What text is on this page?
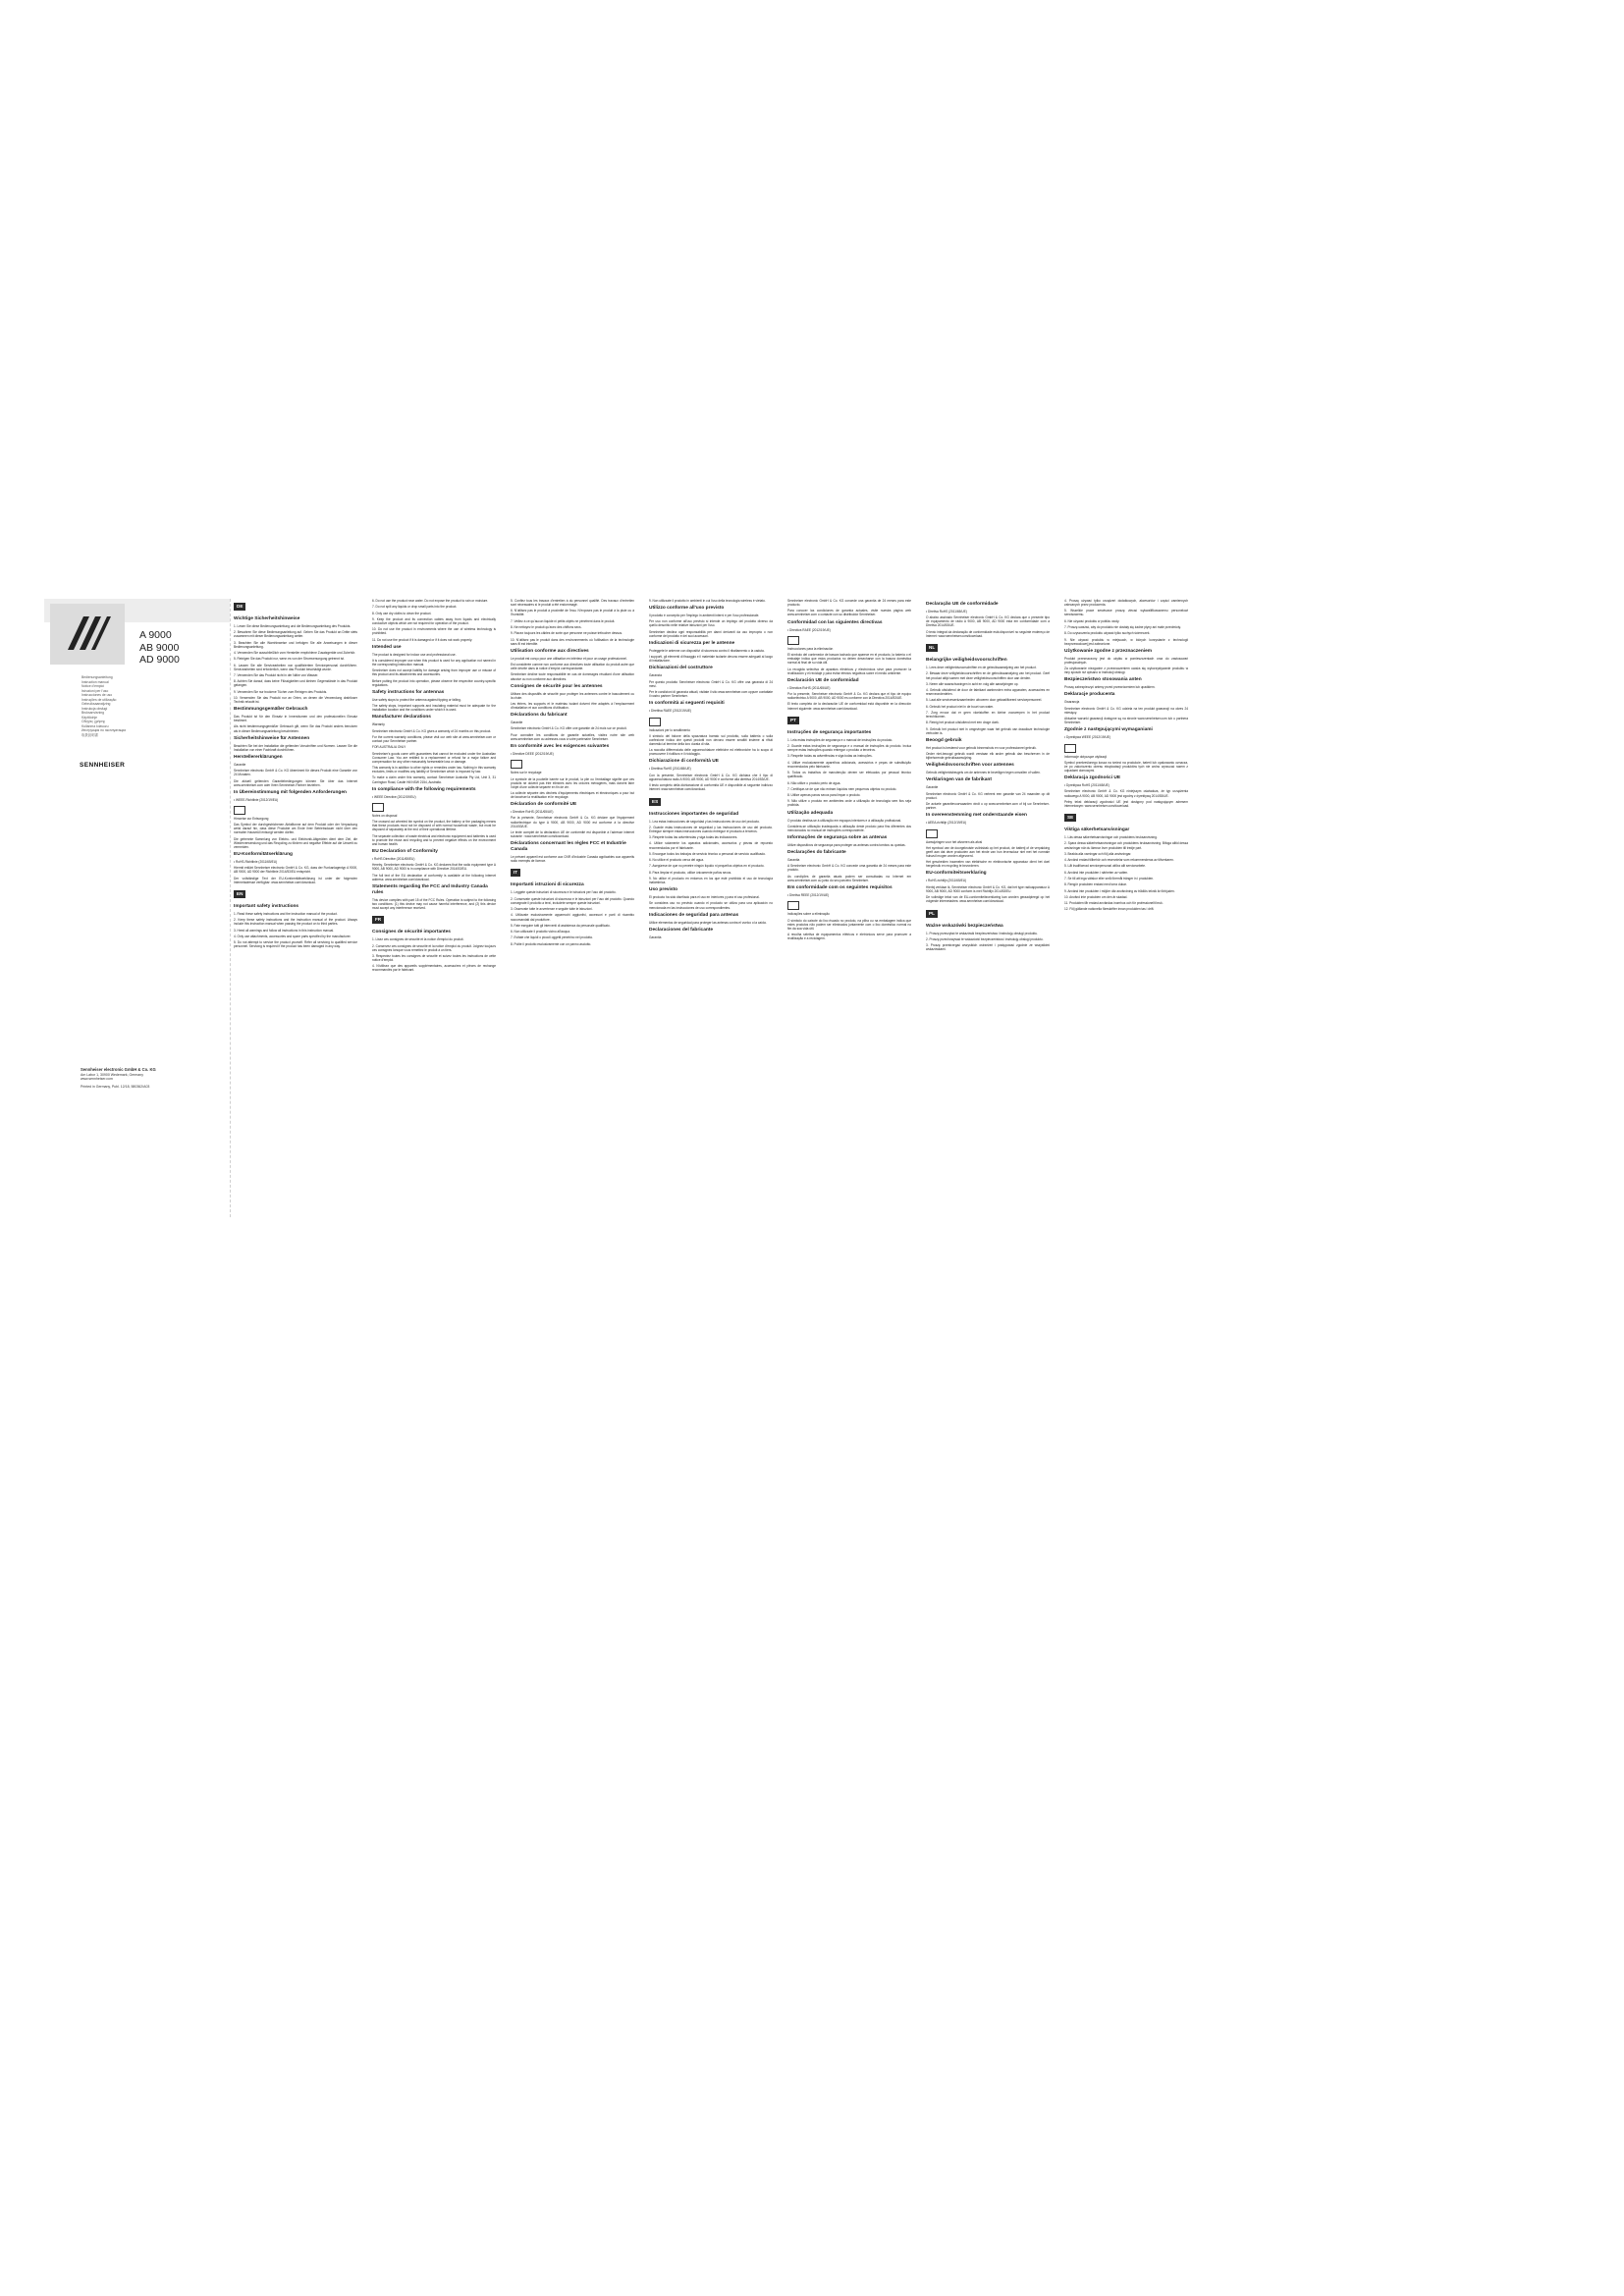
A 9000
AB 9000
AD 9000
Bedienungsanleitung
Instruction manual
Notice d'emploi
Istruzioni per l'uso
Instrucciones de uso
Instruções de utilização
Gebruiksaanwijzing
Instrukcja obsługi
Bruksanvisning
Käyttöohje
Οδηγίες χρήσης
Kullanma kılavuzu
Инструкция по эксплуатации
取扱説明書
SENNHEISER
Sennheiser electronic GmbH & Co. KG
Am Labor 1, 30900 Wedemark, Germany
www.sennheiser.com
Printed in Germany, Publ. 12/18, 580362/A03
DE
Wichtige Sicherheitshinweise

1. Lesen Sie diese Bedienungsanleitung und die Bedienungsanleitung des Produkts.

2. Bewahren Sie diese Bedienungsanleitung auf. Geben Sie das Produkt an Dritte stets zusammen mit dieser Bedienungsanleitung weiter.

3. Beachten Sie alle Warnhinweise und befolgen Sie alle Anweisungen in dieser Bedienungsanleitung.

4. Verwenden Sie ausschließlich vom Hersteller empfohlene Zusatzgeräte und Zubehör.

5. Reinigen Sie das Produkt nur, wenn es von der Stromversorgung getrennt ist.

6. Lassen Sie alle Servicearbeiten von qualifiziertem Servicepersonal durchführen. Servicearbeiten sind erforderlich, wenn das Produkt beschädigt wurde.

7. Verwenden Sie das Produkt nicht in der Nähe von Wasser.

8. Achten Sie darauf, dass keine Flüssigkeiten und kleinen Gegenstände in das Produkt gelangen.

9. Verwenden Sie nur trockene Tücher zum Reinigen des Produkts.

10. Verwenden Sie das Produkt nur an Orten, an denen die Verwendung drahtloser Technik erlaubt ist.

Bestimmungsgemäßer Gebrauch

Das Produkt ist für den Einsatz in Innenräumen und den professionellen Einsatz bestimmt.

Als nicht bestimmungsgemäßer Gebrauch gilt, wenn Sie das Produkt anders benutzen als in dieser Bedienungsanleitung beschrieben.

Sicherheitshinweise für Antennen

Beachten Sie bei der Installation die geltenden Vorschriften und Normen. Lassen Sie die Installation von einer Fachkraft durchführen.

Herstellererklärungen

Garantie

Sennheiser electronic GmbH & Co. KG übernimmt für dieses Produkt eine Garantie von 24 Monaten.

Die aktuell geltenden Garantiebedingungen können Sie über das Internet www.sennheiser.com oder Ihren Sennheiser-Partner beziehen.

In Übereinstimmung mit folgenden Anforderungen

• WEEE-Richtlinie (2012/19/EU)

Hinweise zur Entsorgung

Das Symbol der durchgestrichenen Abfalltonne auf dem Produkt oder der Verpackung weist darauf hin, dass diese Produkte am Ende ihrer Betriebsdauer nicht über den normalen Hausmüll entsorgt werden dürfen.

Die getrennte Sammlung von Elektro- und Elektronik-Altgeräten dient dem Ziel, die Wiederverwendung und das Recycling zu fördern und negative Effekte auf die Umwelt zu vermeiden.

EU-Konformitätserklärung

• RoHS-Richtlinie (2011/65/EU)

Hiermit erklärt Sennheiser electronic GmbH & Co. KG, dass der Funkanlagentyp A 9000, AB 9000, AD 9000 der Richtlinie 2014/53/EU entspricht.

Der vollständige Text der EU-Konformitätserklärung ist unter der folgenden Internetadresse verfügbar: www.sennheiser.com/download.

EN
Important safety instructions

1. Read these safety instructions and the instruction manual of the product.

2. Keep these safety instructions and the instruction manual of the product. Always include this instruction manual when passing the product on to third parties.

3. Heed all warnings and follow all instructions in this instruction manual.

4. Only use attachments, accessories and spare parts specified by the manufacturer.

5. Do not attempt to service the product yourself. Refer all servicing to qualified service personnel. Servicing is required if the product has been damaged in any way.

6. Do not use the product near water. Do not expose the product to rain or moisture.

7. Do not spill any liquids or drop small parts into the product.

8. Only use dry cloths to clean the product.

9. Keep the product and its connection cables away from liquids and electrically conductive objects which are not required for operation of the product.

10. Do not use the product in environments where the use of wireless technology is prohibited.

11. Do not use the product if it is damaged or if it does not work properly.

Intended use

The product is designed for indoor use and professional use.

It is considered improper use when this product is used for any application not named in the corresponding instruction manual.

Sennheiser does not accept liability for damage arising from improper use or misuse of this product and its attachments and accessories.

Before putting the product into operation, please observe the respective country-specific regulations.

Safety instructions for antennas

Use safety stops to protect the antenna against tipping or falling.

The safety stops, important supports and insulating material must be adequate for the installation location and the conditions under which it is used.

Manufacturer declarations

Warranty

Sennheiser electronic GmbH & Co. KG gives a warranty of 24 months on this product.

For the current warranty conditions, please visit our web site at www.sennheiser.com or contact your Sennheiser partner.

FOR AUSTRALIA ONLY

Sennheiser's goods come with guarantees that cannot be excluded under the Australian Consumer Law. You are entitled to a replacement or refund for a major failure and compensation for any other reasonably foreseeable loss or damage.

This warranty is in addition to other rights or remedies under law. Nothing in this warranty excludes, limits or modifies any liability of Sennheiser which is imposed by law.

To make a claim under this warranty, contact Sennheiser Australia Pty Ltd, Unit 3, 31 Carrington Road, Castle Hill NSW 2154, Australia.

In compliance with the following requirements

• WEEE Directive (2012/19/EU)

Notes on disposal

The crossed out wheeled bin symbol on the product, the battery or the packaging means that these products must not be disposed of with normal household waste, but must be disposed of separately at the end of their operational lifetime.

The separate collection of waste electrical and electronic equipment and batteries is used to promote the reuse and recycling and to prevent negative effects on the environment and human health.

EU Declaration of Conformity

• RoHS Directive (2011/65/EU)

Hereby, Sennheiser electronic GmbH & Co. KG declares that the radio equipment type A 9000, AB 9000, AD 9000 is in compliance with Directive 2014/53/EU.

The full text of the EU declaration of conformity is available at the following internet address: www.sennheiser.com/download.

Statements regarding the FCC and Industry Canada rules

This device complies with part 15 of the FCC Rules. Operation is subject to the following two conditions: (1) this device may not cause harmful interference, and (2) this device must accept any interference received.

FR
Consignes de sécurité importantes

1. Lisez ces consignes de sécurité et la notice d'emploi du produit.

2. Conservez ces consignes de sécurité et la notice d'emploi du produit. Joignez toujours ces consignes lorsque vous remettez le produit à un tiers.

3. Respectez toutes les consignes de sécurité et suivez toutes les instructions de cette notice d'emploi.

4. N'utilisez que des appareils supplémentaires, accessoires et pièces de rechange recommandés par le fabricant.

5. Confiez tous les travaux d'entretien à du personnel qualifié. Des travaux d'entretien sont nécessaires si le produit a été endommagé.

6. N'utilisez pas le produit à proximité de l'eau. N'exposez pas le produit à la pluie ou à l'humidité.

7. Veillez à ce qu'aucun liquide ni petits objets ne pénètrent dans le produit.

8. Ne nettoyez le produit qu'avec des chiffons secs.

9. Placez toujours les câbles de sorte que personne ne puisse trébucher dessus.

10. N'utilisez pas le produit dans des environnements où l'utilisation de la technologie sans fil est interdite.

Utilisation conforme aux directives

Le produit est conçu pour une utilisation en intérieur et pour un usage professionnel.

Est considérée comme non conforme aux directives toute utilisation du produit autre que celle décrite dans la notice d'emploi correspondante.

Sennheiser décline toute responsabilité en cas de dommages résultant d'une utilisation abusive ou non conforme aux directives.

Consignes de sécurité pour les antennes

Utilisez des dispositifs de sécurité pour protéger les antennes contre le basculement ou la chute.

Les étriers, les supports et le matériau isolant doivent être adaptés à l'emplacement d'installation et aux conditions d'utilisation.

Déclarations du fabricant

Garantie

Sennheiser electronic GmbH & Co. KG offre une garantie de 24 mois sur ce produit.

Pour connaître les conditions de garantie actuelles, visitez notre site web www.sennheiser.com ou adressez-vous à votre partenaire Sennheiser.

En conformité avec les exigences suivantes

• Directive DEEE (2012/19/UE)

Notes sur le recyclage

Le symbole de la poubelle barrée sur le produit, la pile ou l'emballage signifie que ces produits ne doivent pas être éliminés avec les ordures ménagères, mais doivent faire l'objet d'une collecte séparée en fin de vie.

La collecte séparée des déchets d'équipements électriques et électroniques a pour but de favoriser la réutilisation et le recyclage.

Déclaration de conformité UE

• Directive RoHS (2011/65/UE)

Par la présente, Sennheiser electronic GmbH & Co. KG déclare que l'équipement radioélectrique du type A 9000, AB 9000, AD 9000 est conforme à la directive 2014/53/UE.

Le texte complet de la déclaration UE de conformité est disponible à l'adresse internet suivante : www.sennheiser.com/download.

Déclarations concernant les règles FCC et Industrie Canada

Le présent appareil est conforme aux CNR d'Industrie Canada applicables aux appareils radio exempts de licence.

IT
Importanti istruzioni di sicurezza

1. Leggete queste istruzioni di sicurezza e le istruzioni per l'uso del prodotto.

2. Conservate queste istruzioni di sicurezza e le istruzioni per l'uso del prodotto. Quando consegnate il prodotto a terzi, includete sempre queste istruzioni.

3. Osservate tutte le avvertenze e seguite tutte le istruzioni.

4. Utilizzate esclusivamente apparecchi aggiuntivi, accessori e parti di ricambio raccomandati dal produttore.

5. Fate eseguire tutti gli interventi di assistenza da personale qualificato.

6. Non utilizzate il prodotto vicino all'acqua.

7. Evitate che liquidi o piccoli oggetti penetrino nel prodotto.

8. Pulite il prodotto esclusivamente con un panno asciutto.

9. Non utilizzate il prodotto in ambienti in cui l'uso della tecnologia wireless è vietato.

Utilizzo conforme all'uso previsto

Il prodotto è concepito per l'impiego in ambienti interni e per l'uso professionale.

Per uso non conforme all'uso previsto si intende un impiego del prodotto diverso da quello descritto nelle relative istruzioni per l'uso.

Sennheiser declina ogni responsabilità per danni derivanti da uso improprio o non conforme del prodotto e dei suoi accessori.

Indicazioni di sicurezza per le antenne

Proteggete le antenne con dispositivi di sicurezza contro il ribaltamento o la caduta.

I supporti, gli elementi di fissaggio e il materiale isolante devono essere adeguati al luogo di installazione.

Dichiarazioni del costruttore

Garanzia

Per questo prodotto Sennheiser electronic GmbH & Co. KG offre una garanzia di 24 mesi.

Per le condizioni di garanzia attuali, visitate il sito www.sennheiser.com oppure contattate il vostro partner Sennheiser.

In conformità ai seguenti requisiti

• Direttiva RAEE (2012/19/UE)

Indicazioni per lo smaltimento

Il simbolo del bidone della spazzatura barrato sul prodotto, sulla batteria o sulla confezione indica che questi prodotti non devono essere smaltiti insieme ai rifiuti domestici al termine della loro durata di vita.

La raccolta differenziata delle apparecchiature elettriche ed elettroniche ha lo scopo di promuovere il riutilizzo e il riciclaggio.

Dichiarazione di conformità UE

• Direttiva RoHS (2011/65/UE)

Con la presente, Sennheiser electronic GmbH & Co. KG dichiara che il tipo di apparecchiatura radio A 9000, AB 9000, AD 9000 è conforme alla direttiva 2014/53/UE.

Il testo completo della dichiarazione di conformità UE è disponibile al seguente indirizzo internet: www.sennheiser.com/download.

ES
Instrucciones importantes de seguridad

1. Lea estas instrucciones de seguridad y las instrucciones de uso del producto.

2. Guarde estas instrucciones de seguridad y las instrucciones de uso del producto. Entregue siempre estas instrucciones cuando entregue el producto a terceros.

3. Respete todas las advertencias y siga todas las indicaciones.

4. Utilice solamente los aparatos adicionales, accesorios y piezas de repuesto recomendados por el fabricante.

5. Encargue todos los trabajos de servicio técnico a personal de servicio cualificado.

6. No utilice el producto cerca del agua.

7. Asegúrese de que no penetre ningún líquido ni pequeños objetos en el producto.

8. Para limpiar el producto, utilice únicamente paños secos.

9. No utilice el producto en entornos en los que esté prohibido el uso de tecnología inalámbrica.

Uso previsto

El producto ha sido diseñado para el uso en interiores y para el uso profesional.

Se considera uso no previsto cuando el producto se utiliza para una aplicación no mencionada en las instrucciones de uso correspondientes.

Indicaciones de seguridad para antenas

Utilice elementos de seguridad para proteger las antenas contra el vuelco o la caída.

Declaraciones del fabricante

Garantía

Sennheiser electronic GmbH & Co. KG concede una garantía de 24 meses para este producto.

Para conocer las condiciones de garantía actuales, visite nuestra página web www.sennheiser.com o contacte con su distribuidor Sennheiser.

Conformidad con las siguientes directivas

• Directiva RAEE (2012/19/UE)

Instrucciones para la eliminación

El símbolo del contenedor de basura tachado que aparece en el producto, la batería o el embalaje indica que estos productos no deben desecharse con la basura doméstica normal al final de su vida útil.

La recogida selectiva de aparatos eléctricos y electrónicos sirve para promover la reutilización y el reciclaje y para evitar efectos negativos sobre el medio ambiente.

Declaración UE de conformidad

• Directiva RoHS (2011/65/UE)

Por la presente, Sennheiser electronic GmbH & Co. KG declara que el tipo de equipo radioeléctrico A 9000, AB 9000, AD 9000 es conforme con la Directiva 2014/53/UE.

El texto completo de la declaración UE de conformidad está disponible en la dirección Internet siguiente: www.sennheiser.com/download.

PT
Instruções de segurança importantes

1. Leia estas instruções de segurança e o manual de instruções do produto.

2. Guarde estas instruções de segurança e o manual de instruções do produto. Inclua sempre estas instruções quando entregar o produto a terceiros.

3. Respeite todas as advertências e siga todas as instruções.

4. Utilize exclusivamente aparelhos adicionais, acessórios e peças de substituição recomendados pelo fabricante.

5. Todos os trabalhos de manutenção devem ser efetuados por pessoal técnico qualificado.

6. Não utilize o produto perto de água.

7. Certifique-se de que não entram líquidos nem pequenos objetos no produto.

8. Utilize apenas panos secos para limpar o produto.

9. Não utilize o produto em ambientes onde a utilização de tecnologia sem fios seja proibida.

Utilização adequada

O produto destina-se à utilização em espaços interiores e à utilização profissional.

Considera-se utilização inadequada a utilização deste produto para fins diferentes dos mencionados no manual de instruções correspondente.

Informações de segurança sobre as antenas

Utilize dispositivos de segurança para proteger as antenas contra tombos ou quedas.

Declarações do fabricante

Garantia

A Sennheiser electronic GmbH & Co. KG concede uma garantia de 24 meses para este produto.

As condições de garantia atuais podem ser consultadas na Internet em www.sennheiser.com ou junto do seu parceiro Sennheiser.

Em conformidade com os seguintes requisitos

• Diretiva REEE (2012/19/UE)

Indicações sobre a eliminação

O símbolo do caixote do lixo riscado no produto, na pilha ou na embalagem indica que estes produtos não podem ser eliminados juntamente com o lixo doméstico normal no fim da sua vida útil.

A recolha seletiva de equipamentos elétricos e eletrónicos serve para promover a reutilização e a reciclagem.

Declaração UE de conformidade

• Diretiva RoHS (2011/65/UE)

O abaixo assinado Sennheiser electronic GmbH & Co. KG declara que o presente tipo de equipamento de rádio A 9000, AB 9000, AD 9000 está em conformidade com a Diretiva 2014/53/UE.

O texto integral da declaração de conformidade está disponível no seguinte endereço de Internet: www.sennheiser.com/download.

NL
Belangrijke veiligheidsvoorschriften

1. Lees deze veiligheidsvoorschriften en de gebruiksaanwijzing van het product.

2. Bewaar deze veiligheidsvoorschriften en de gebruiksaanwijzing van het product. Geef het product altijd samen met deze veiligheidsvoorschriften door aan derden.

3. Neem alle waarschuwingen in acht en volg alle aanwijzingen op.

4. Gebruik uitsluitend de door de fabrikant aanbevolen extra apparaten, accessoires en reserveonderdelen.

5. Laat alle servicewerkzaamheden uitvoeren door gekwalificeerd servicepersoneel.

6. Gebruik het product niet in de buurt van water.

7. Zorg ervoor dat er geen vloeistoffen en kleine voorwerpen in het product terechtkomen.

8. Reinig het product uitsluitend met een droge doek.

9. Gebruik het product niet in omgevingen waar het gebruik van draadloze technologie verboden is.

Beoogd gebruik

Het product is bestemd voor gebruik binnenshuis en voor professioneel gebruik.

Onder niet-beoogd gebruik wordt verstaan elk ander gebruik dan beschreven in de bijbehorende gebruiksaanwijzing.

Veiligheidsvoorschriften voor antennes

Gebruik veiligheidsbeugels om de antennes te beveiligen tegen omvallen of vallen.

Verklaringen van de fabrikant

Garantie

Sennheiser electronic GmbH & Co. KG verleent een garantie van 24 maanden op dit product.

De actuele garantievoorwaarden vindt u op www.sennheiser.com of bij uw Sennheiser-partner.

In overeenstemming met onderstaande eisen

• AEEA-richtlijn (2012/19/EU)

Aanwijzingen voor het afvoeren als afval

Het symbool van de doorgekruiste vuilnisbak op het product, de batterij of de verpakking geeft aan dat deze producten aan het einde van hun levensduur niet met het normale huisvuil mogen worden afgevoerd.

Het gescheiden inzamelen van elektrische en elektronische apparatuur dient het doel hergebruik en recycling te bevorderen.

EU-conformiteitsverklaring

• RoHS-richtlijn (2011/65/EU)

Hierbij verklaar ik, Sennheiser electronic GmbH & Co. KG, dat het type radioapparatuur A 9000, AB 9000, AD 9000 conform is met Richtlijn 2014/53/EU.

De volledige tekst van de EU-conformiteitsverklaring kan worden geraadpleegd op het volgende internetadres: www.sennheiser.com/download.

PL
Ważne wskazówki bezpieczeństwa

1. Proszę przeczytać te wskazówki bezpieczeństwa i instrukcję obsługi produktu.

2. Proszę przechowywać te wskazówki bezpieczeństwa i instrukcję obsługi produktu.

3. Proszę przestrzegać wszystkich ostrzeżeń i postępować zgodnie ze wszystkimi wskazówkami.

4. Proszę używać tylko urządzeń dodatkowych, akcesoriów i części zamiennych zalecanych przez producenta.

5. Wszelkie prace serwisowe proszę zlecać wykwalifikowanemu personelowi serwisowemu.

6. Nie używać produktu w pobliżu wody.

7. Proszę uważać, aby do produktu nie dostały się żadne płyny ani małe przedmioty.

8. Do czyszczenia produktu używać tylko suchych ściereczek.

9. Nie używać produktu w miejscach, w których korzystanie z technologii bezprzewodowej jest zabronione.

Użytkowanie zgodne z przeznaczeniem

Produkt przeznaczony jest do użytku w pomieszczeniach oraz do zastosowań profesjonalnych.

Za użytkowanie niezgodne z przeznaczeniem uważa się wykorzystywanie produktu w inny sposób niż opisano w instrukcji obsługi.

Bezpieczeństwo stosowania anten

Proszę zabezpieczyć anteny przed przewróceniem lub upadkiem.

Deklaracje producenta

Gwarancja

Sennheiser electronic GmbH & Co. KG udziela na ten produkt gwarancji na okres 24 miesięcy.

Aktualne warunki gwarancji dostępne są na stronie www.sennheiser.com lub u partnera Sennheiser.

Zgodnie z następującymi wymaganiami

• Dyrektywa WEEE (2012/19/UE)

Informacje dotyczące utylizacji

Symbol przekreślonego kosza na śmieci na produkcie, baterii lub opakowaniu oznacza, że po zakończeniu okresu eksploatacji produktów tych nie wolno wyrzucać razem z odpadami domowymi.

Deklaracja zgodności UE

• Dyrektywa RoHS (2011/65/UE)

Sennheiser electronic GmbH & Co. KG niniejszym oświadcza, że typ urządzenia radiowego A 9000, AB 9000, AD 9000 jest zgodny z dyrektywą 2014/53/UE.

Pełny tekst deklaracji zgodności UE jest dostępny pod następującym adresem internetowym: www.sennheiser.com/download.

SE
Viktiga säkerhetsanvisningar

1. Läs dessa säkerhetsanvisningar och produktens bruksanvisning.

2. Spara dessa säkerhetsanvisningar och produktens bruksanvisning. Bifoga alltid dessa anvisningar när du lämnar över produkten till tredje part.

3. Beakta alla varningar och följ alla anvisningar.

4. Använd endast tillbehör och reservdelar som rekommenderas av tillverkaren.

5. Låt kvalificerad servicepersonal utföra allt servicearbete.

6. Använd inte produkten i närheten av vatten.

7. Se till att inga vätskor eller små föremål tränger in i produkten.

8. Rengör produkten endast med torra dukar.

9. Använd inte produkten i miljöer där användning av trådlös teknik är förbjuden.

10. Använd inte produkten om den är skadad.

11. Produkten får endast användas inomhus och för professionellt bruk.

12. Följ gällande nationella föreskrifter innan produkten tas i drift.
